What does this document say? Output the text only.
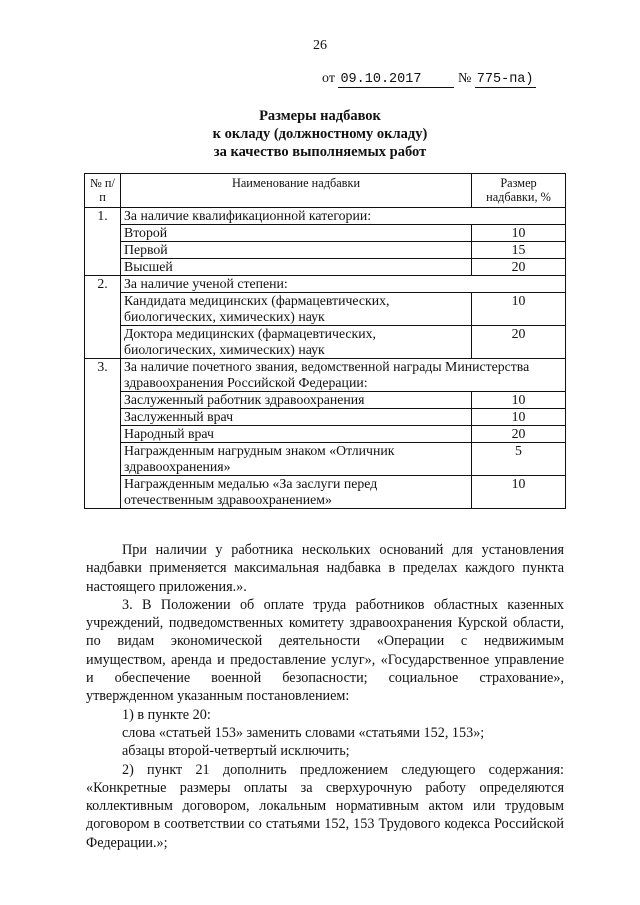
26
от 09.10.2017	№ 775-па)
Размеры надбавок
к окладу (должностному окладу)
за качество выполняемых работ
№ п/п	Наименование надбавки	Размер надбавки, %
1.	За наличие квалификационной категории:	
	Второй	10
	Первой	15
	Высшей	20
2.	За наличие ученой степени:	
	Кандидата медицинских (фармацевтических, биологических, химических) наук	10
	Доктора медицинских (фармацевтических, биологических, химических) наук	20
3.	За наличие почетного звания, ведомственной награды Министерства здравоохранения Российской Федерации:	
	Заслуженный работник здравоохранения	10
	Заслуженный врач	10
	Народный врач	20
	Награжденным нагрудным знаком «Отличник здравоохранения»	5
	Награжденным медалью «За заслуги перед отечественным здравоохранением»	10

При наличии у работника нескольких оснований для установления надбавки применяется максимальная надбавка в пределах каждого пункта настоящего приложения.».

3. В Положении об оплате труда работников областных казенных учреждений, подведомственных комитету здравоохранения Курской области, по видам экономической деятельности «Операции с недвижимым имуществом, аренда и предоставление услуг», «Государственное управление и обеспечение военной безопасности; социальное страхование», утвержденном указанным постановлением:

1) в пункте 20:

слова «статьей 153» заменить словами «статьями 152, 153»;

абзацы второй-четвертый исключить;

2) пункт 21 дополнить предложением следующего содержания: «Конкретные размеры оплаты за сверхурочную работу определяются коллективным договором, локальным нормативным актом или трудовым договором в соответствии со статьями 152, 153 Трудового кодекса Российской Федерации.»;
